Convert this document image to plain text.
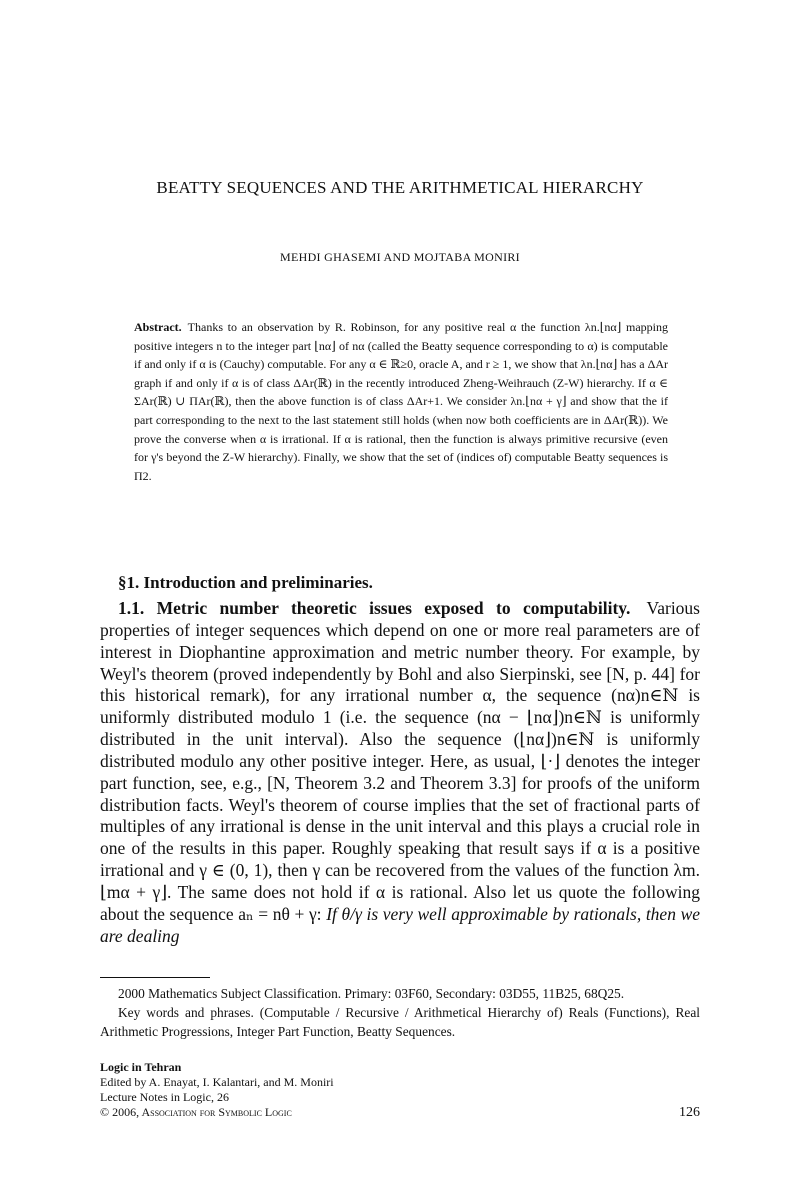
BEATTY SEQUENCES AND THE ARITHMETICAL HIERARCHY
MEHDI GHASEMI AND MOJTABA MONIRI
Abstract. Thanks to an observation by R. Robinson, for any positive real α the function λn.⌊nα⌋ mapping positive integers n to the integer part ⌊nα⌋ of nα (called the Beatty sequence corresponding to α) is computable if and only if α is (Cauchy) computable. For any α ∈ ℝ≥0, oracle A, and r ≥ 1, we show that λn.⌊nα⌋ has a ΔAr graph if and only if α is of class ΔAr(ℝ) in the recently introduced Zheng-Weihrauch (Z-W) hierarchy. If α ∈ ΣAr(ℝ) ∪ ΠAr(ℝ), then the above function is of class ΔAr+1. We consider λn.⌊nα + γ⌋ and show that the if part corresponding to the next to the last statement still holds (when now both coefficients are in ΔAr(ℝ)). We prove the converse when α is irrational. If α is rational, then the function is always primitive recursive (even for γ's beyond the Z-W hierarchy). Finally, we show that the set of (indices of) computable Beatty sequences is Π2.
§1. Introduction and preliminaries.
1.1. Metric number theoretic issues exposed to computability. Various properties of integer sequences which depend on one or more real parameters are of interest in Diophantine approximation and metric number theory. For example, by Weyl's theorem (proved independently by Bohl and also Sierpinski, see [N, p. 44] for this historical remark), for any irrational number α, the sequence (nα)n∈ℕ is uniformly distributed modulo 1 (i.e. the sequence (nα − ⌊nα⌋)n∈ℕ is uniformly distributed in the unit interval). Also the sequence (⌊nα⌋)n∈ℕ is uniformly distributed modulo any other positive integer. Here, as usual, ⌊·⌋ denotes the integer part function, see, e.g., [N, Theorem 3.2 and Theorem 3.3] for proofs of the uniform distribution facts. Weyl's theorem of course implies that the set of fractional parts of multiples of any irrational is dense in the unit interval and this plays a crucial role in one of the results in this paper. Roughly speaking that result says if α is a positive irrational and γ ∈ (0, 1), then γ can be recovered from the values of the function λm.⌊mα + γ⌋. The same does not hold if α is rational. Also let us quote the following about the sequence aₙ = nθ + γ: If θ/γ is very well approximable by rationals, then we are dealing

2000 Mathematics Subject Classification. Primary: 03F60, Secondary: 03D55, 11B25, 68Q25.

Key words and phrases. (Computable / Recursive / Arithmetical Hierarchy of) Reals (Functions), Real Arithmetic Progressions, Integer Part Function, Beatty Sequences.

Logic in Tehran
Edited by A. Enayat, I. Kalantari, and M. Moniri
Lecture Notes in Logic, 26
© 2006, Association for Symbolic Logic	126
